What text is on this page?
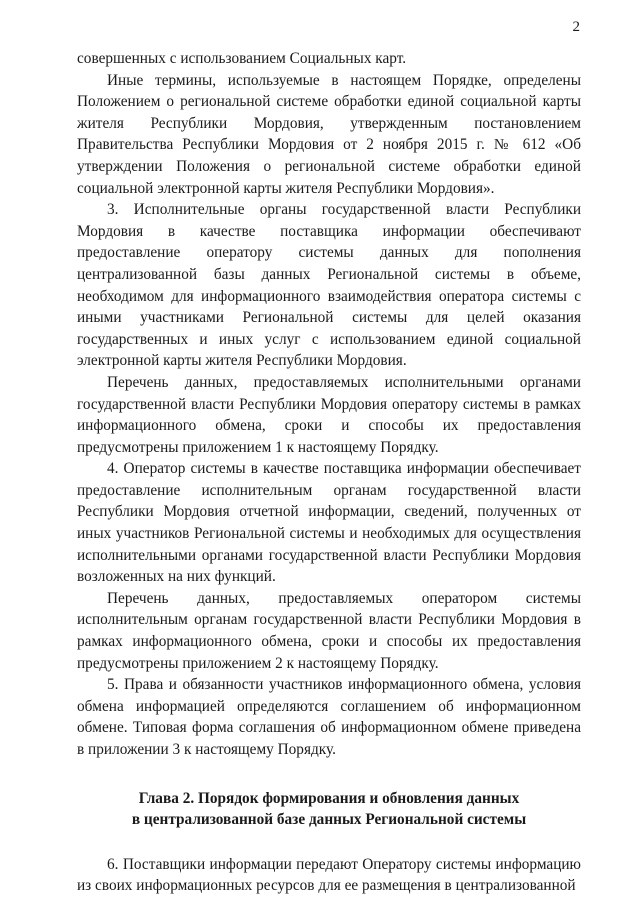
2

совершенных с использованием Социальных карт.

Иные термины, используемые в настоящем Порядке, определены Положением о региональной системе обработки единой социальной карты жителя Республики Мордовия, утвержденным постановлением Правительства Республики Мордовия от 2 ноября 2015 г. № 612 «Об утверждении Положения о региональной системе обработки единой социальной электронной карты жителя Республики Мордовия».

3. Исполнительные органы государственной власти Республики Мордовия в качестве поставщика информации обеспечивают предоставление оператору системы данных для пополнения централизованной базы данных Региональной системы в объеме, необходимом для информационного взаимодействия оператора системы с иными участниками Региональной системы для целей оказания государственных и иных услуг с использованием единой социальной электронной карты жителя Республики Мордовия.

Перечень данных, предоставляемых исполнительными органами государственной власти Республики Мордовия оператору системы в рамках информационного обмена, сроки и способы их предоставления предусмотрены приложением 1 к настоящему Порядку.

4. Оператор системы в качестве поставщика информации обеспечивает предоставление исполнительным органам государственной власти Республики Мордовия отчетной информации, сведений, полученных от иных участников Региональной системы и необходимых для осуществления исполнительными органами государственной власти Республики Мордовия возложенных на них функций.

Перечень данных, предоставляемых оператором системы исполнительным органам государственной власти Республики Мордовия в рамках информационного обмена, сроки и способы их предоставления предусмотрены приложением 2 к настоящему Порядку.

5. Права и обязанности участников информационного обмена, условия обмена информацией определяются соглашением об информационном обмене. Типовая форма соглашения об информационном обмене приведена в приложении 3 к настоящему Порядку.

Глава 2. Порядок формирования и обновления данных
в централизованной базе данных Региональной системы

6. Поставщики информации передают Оператору системы информацию из своих информационных ресурсов для ее размещения в централизованной
